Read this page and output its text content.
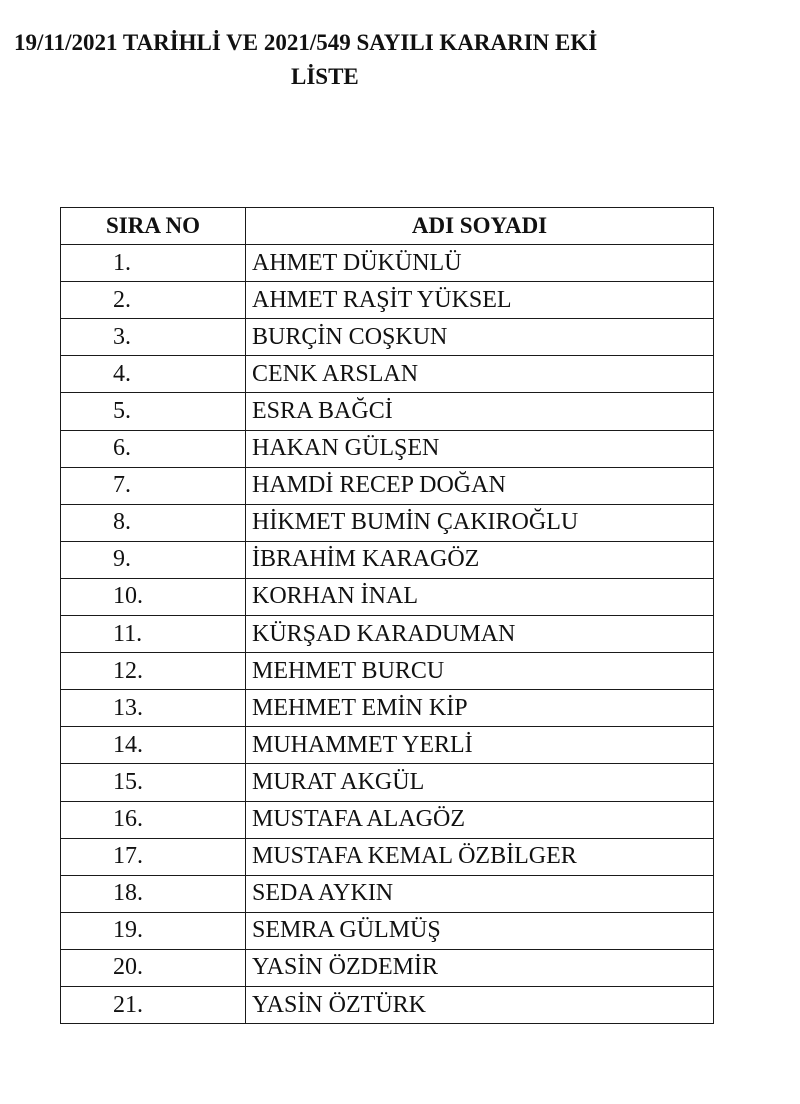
19/11/2021 TARİHLİ VE 2021/549 SAYILI KARARIN EKİ
LİSTE
SIRA NO	ADI SOYADI
1.	AHMET DÜKÜNLÜ
2.	AHMET RAŞİT YÜKSEL
3.	BURÇİN COŞKUN
4.	CENK ARSLAN
5.	ESRA BAĞCİ
6.	HAKAN GÜLŞEN
7.	HAMDİ RECEP DOĞAN
8.	HİKMET BUMİN ÇAKIROĞLU
9.	İBRAHİM KARAGÖZ
10.	KORHAN İNAL
11.	KÜRŞAD KARADUMAN
12.	MEHMET BURCU
13.	MEHMET EMİN KİP
14.	MUHAMMET YERLİ
15.	MURAT AKGÜL
16.	MUSTAFA ALAGÖZ
17.	MUSTAFA KEMAL ÖZBİLGER
18.	SEDA AYKIN
19.	SEMRA GÜLMÜŞ
20.	YASİN ÖZDEMİR
21.	YASİN ÖZTÜRK
